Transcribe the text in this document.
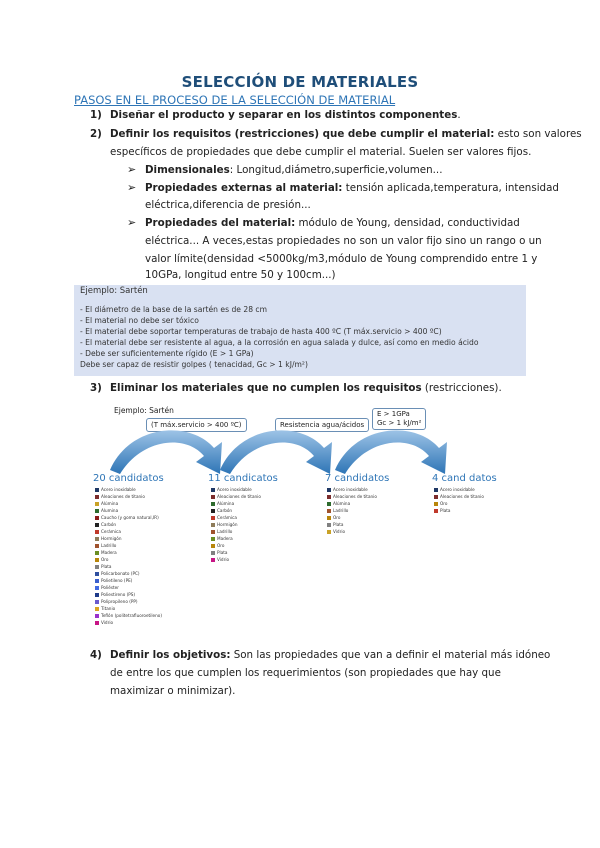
SELECCIÓN DE MATERIALES
PASOS EN EL PROCESO DE LA SELECCIÓN DE MATERIAL
1) Diseñar el producto y separar en los distintos componentes.
2) Definir los requisitos (restricciones) que debe cumplir el material: esto son valores
específicos de propiedades que debe cumplir el material. Suelen ser valores fijos.
➢ Dimensionales: Longitud,diámetro,superficie,volumen...
➢ Propiedades externas al material: tensión aplicada,temperatura, intensidad
eléctrica,diferencia de presión...
➢ Propiedades del material: módulo de Young, densidad, conductividad
eléctrica... A veces,estas propiedades no son un valor fijo sino un rango o un
valor límite(densidad <5000kg/m3,módulo de Young comprendido entre 1 y
10GPa, longitud entre 50 y 100cm...)
Ejemplo: Sartén
- El diámetro de la base de la sartén es de 28 cm
- El material no debe ser tóxico
- El material debe soportar temperaturas de trabajo de hasta 400 ºC (T máx.servicio > 400 ºC)
- El material debe ser resistente al agua, a la corrosión en agua salada y dulce, así como en medio ácido
- Debe ser suficientemente rígido (E > 1 GPa)
Debe ser capaz de resistir golpes ( tenacidad, Gc > 1 kJ/m²)
3) Eliminar los materiales que no cumplen los requisitos (restricciones).
Ejemplo: Sartén
(T máx.servicio > 400 ºC)	Resistencia agua/ácidos
E > 1GPa
Gc > 1 kJ/m²
20 candidatos	11 candicatos	7 candidatos	4 cand datos
Acero inoxidable
Aleaciones de titanio
Alúmina
Alumina
Caucho (y goma natural,IR)
Carbón
Cerámica
Hormigón
Ladrillo
Madera
Oro
Plata
Policarbonato (PC)
Polietileno (PE)
Poliéster
Poliestireno (PS)
Polipropileno (PP)
Titanio
Teflón (politetrafluoroetileno)
Vidrio
Acero inoxidable
Aleaciones de titanio
Alúmina
Carbón
Cerámica
Hormigón
Ladrillo
Madera
Oro
Plata
Vidrio
Acero inoxidable
Aleaciones de titanio
Alúmina
Ladrillo
Oro
Plata
Vidrio
Acero inoxidable
Aleaciones de titanio
Oro
Plata
4) Definir los objetivos: Son las propiedades que van a definir el material más idóneo
de entre los que cumplen los requerimientos (son propiedades que hay que
maximizar o minimizar).
